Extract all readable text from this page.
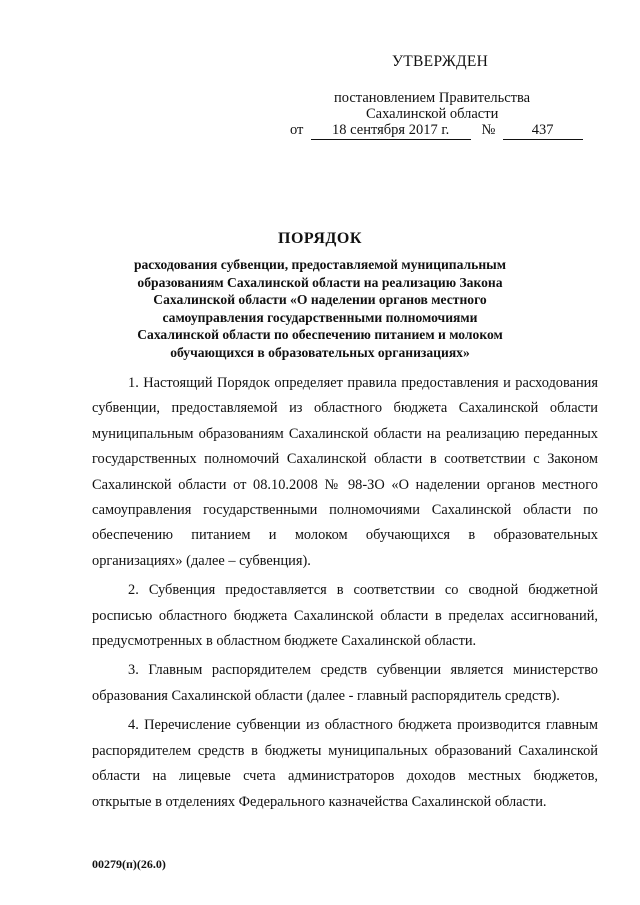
УТВЕРЖДЕН
постановлением Правительства
Сахалинской области
от 18 сентября 2017 г. №	437
ПОРЯДОК
расходования субвенции, предоставляемой муниципальным образованиям Сахалинской области на реализацию Закона Сахалинской области «О наделении органов местного самоуправления государственными полномочиями Сахалинской области по обеспечению питанием и молоком обучающихся в образовательных организациях»

1. Настоящий Порядок определяет правила предоставления и расходования субвенции, предоставляемой из областного бюджета Сахалинской области муниципальным образованиям Сахалинской области на реализацию переданных государственных полномочий Сахалинской области в соответствии с Законом Сахалинской области от 08.10.2008 № 98-ЗО «О наделении органов местного самоуправления государственными полномочиями Сахалинской области по обеспечению питанием и молоком обучающихся в образовательных организациях» (далее – субвенция).

2. Субвенция предоставляется в соответствии со сводной бюджетной росписью областного бюджета Сахалинской области в пределах ассигнований, предусмотренных в областном бюджете Сахалинской области.

3. Главным распорядителем средств субвенции является министерство образования Сахалинской области (далее - главный распорядитель средств).

4. Перечисление субвенции из областного бюджета производится главным распорядителем средств в бюджеты муниципальных образований Сахалинской области на лицевые счета администраторов доходов местных бюджетов, открытые в отделениях Федерального казначейства Сахалинской области.

00279(п)(26.0)
